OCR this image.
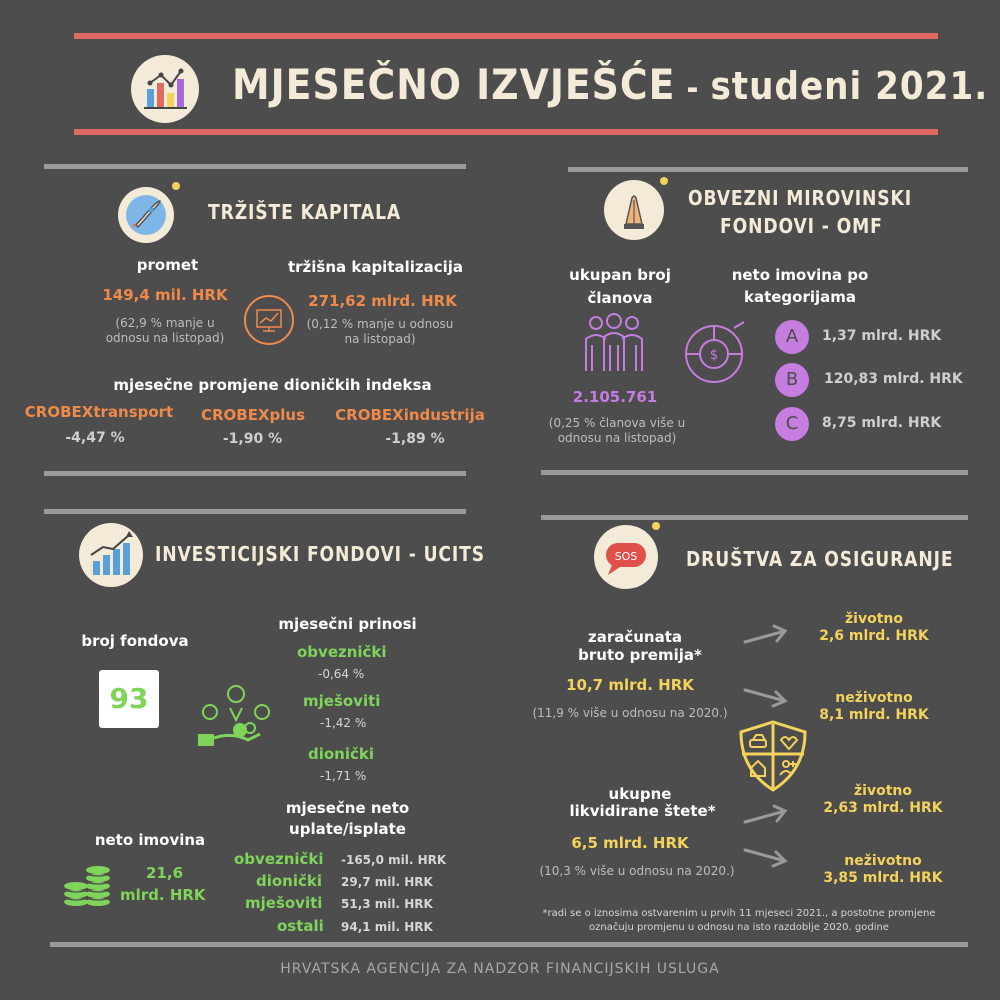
MJESEČNO IZVJEŠĆE - studeni 2021.
TRŽIŠTE KAPITALA
promet
149,4 mil. HRK
(62,9 % manje u odnosu na listopad)
tržišna kapitalizacija
271,62 mlrd. HRK
(0,12 % manje u odnosu na listopad)
mjesečne promjene dioničkih indeksa
CROBEXtransport
-4,47 %
CROBEXplus
-1,90 %
CROBEXindustrija
-1,89 %
OBVEZNI MIROVINSKI
FONDOVI - OMF
ukupan broj članova
2.105.761
(0,25 % članova više u odnosu na listopad)
$
neto imovina po kategorijama
A	1,37 mlrd. HRK
B	120,83 mlrd. HRK
C	8,75 mlrd. HRK
INVESTICIJSKI FONDOVI - UCITS
broj fondova
93
mjesečni prinosi
obveznički
-0,64 %
mješoviti
-1,42 %
dionički
-1,71 %
mjesečne neto uplate/isplate
neto imovina
21,6
mlrd. HRK
obveznički -165,0 mil. HRK
dionički 29,7 mil. HRK
mješoviti 51,3 mil. HRK
ostali 94,1 mil. HRK
SOS DRUŠTVA ZA OSIGURANJE
zaračunata
bruto premija*
10,7 mlrd. HRK
(11,9 % više u odnosu na 2020.)
životno
2,6 mlrd. HRK
neživotno
8,1 mlrd. HRK
ukupne
likvidirane štete*
6,5 mlrd. HRK
(10,3 % više u odnosu na 2020.)
životno
2,63 mlrd. HRK
neživotno
3,85 mlrd. HRK
*radi se o iznosima ostvarenim u prvih 11 mjeseci 2021., a postotne promjene označuju promjenu u odnosu na isto razdoblje 2020. godine
HRVATSKA AGENCIJA ZA NADZOR FINANCIJSKIH USLUGA
